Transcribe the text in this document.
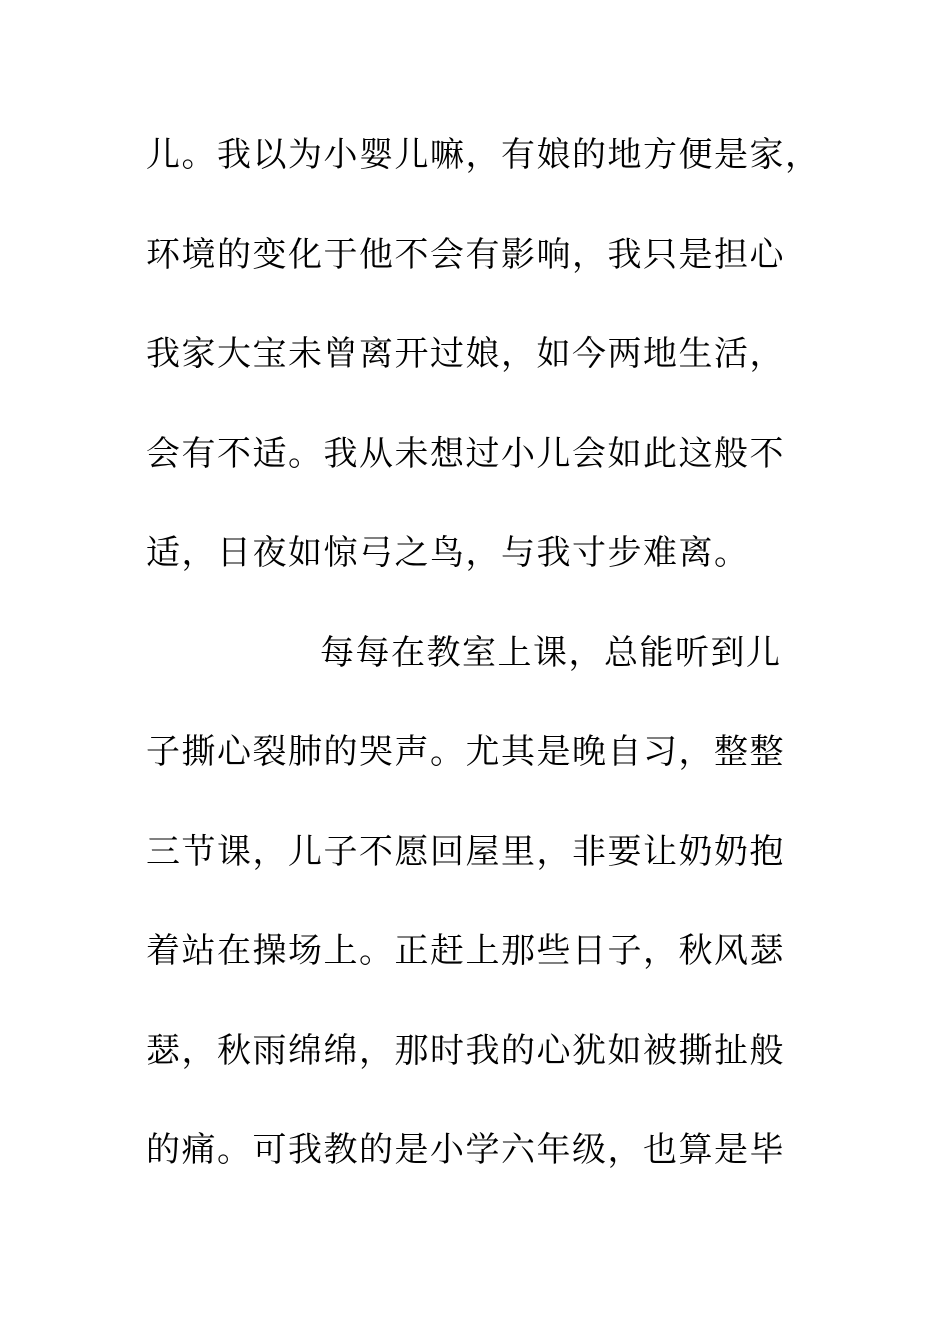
儿。我以为小婴儿嘛，有娘的地方便是家，
环境的变化于他不会有影响，我只是担心
我家大宝未曾离开过娘，如今两地生活，
会有不适。我从未想过小儿会如此这般不
适，日夜如惊弓之鸟，与我寸步难离。
每每在教室上课，总能听到儿
子撕心裂肺的哭声。尤其是晚自习，整整
三节课，儿子不愿回屋里，非要让奶奶抱
着站在操场上。正赶上那些日子，秋风瑟
瑟，秋雨绵绵，那时我的心犹如被撕扯般
的痛。可我教的是小学六年级，也算是毕
